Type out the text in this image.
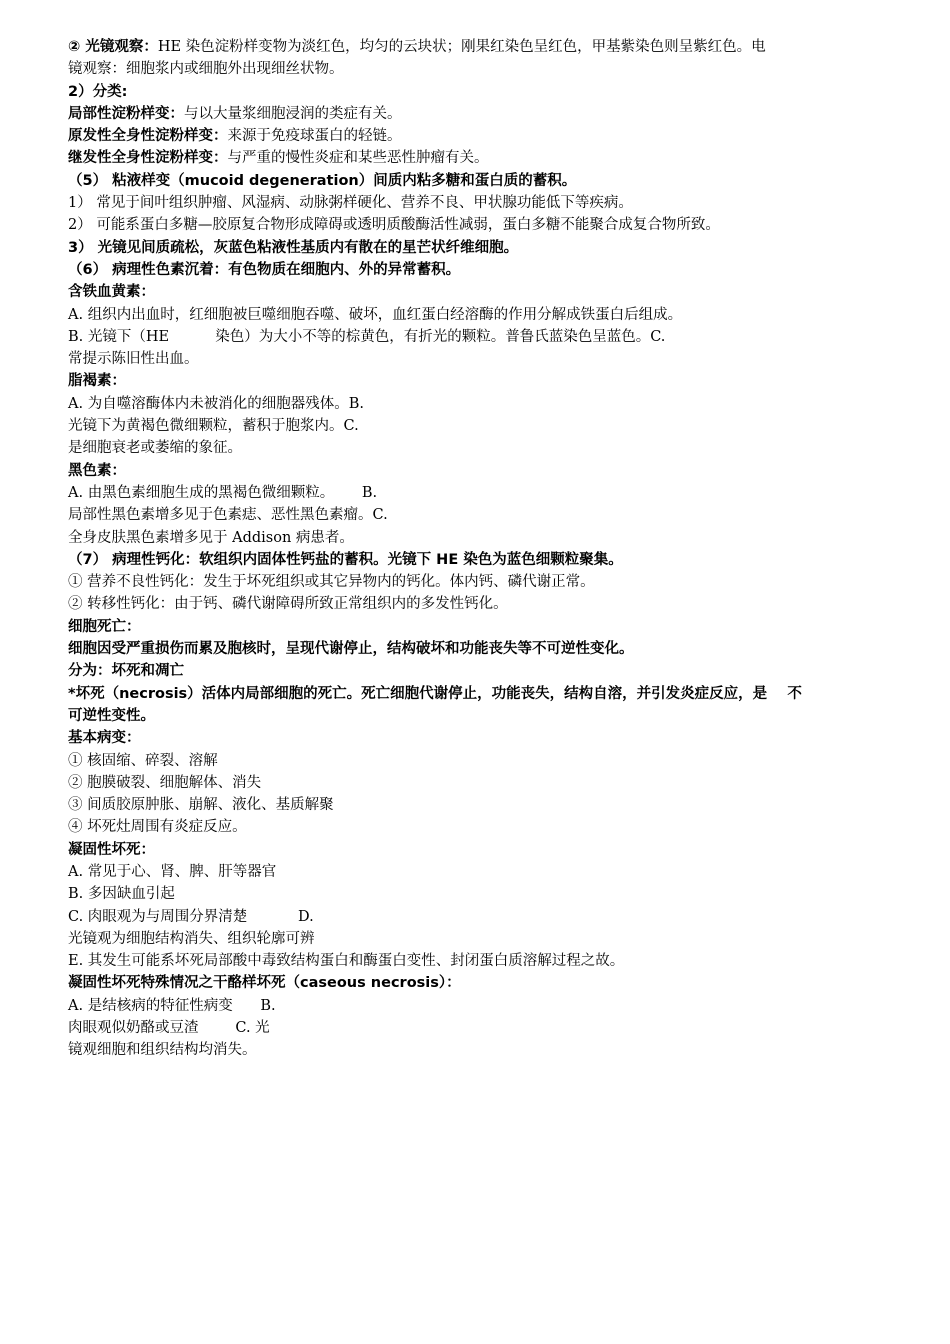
② 光镜观察：HE 染色淀粉样变物为淡红色，均匀的云块状；刚果红染色呈红色，甲基紫染色则呈紫红色。电
镜观察：细胞浆内或细胞外出现细丝状物。
2）分类:
局部性淀粉样变：与以大量浆细胞浸润的类症有关。
原发性全身性淀粉样变：来源于免疫球蛋白的轻链。
继发性全身性淀粉样变：与严重的慢性炎症和某些恶性肿瘤有关。
（5） 粘液样变（mucoid degeneration）间质内粘多糖和蛋白质的蓄积。
1） 常见于间叶组织肿瘤、风湿病、动脉粥样硬化、营养不良、甲状腺功能低下等疾病。
2） 可能系蛋白多糖—胶原复合物形成障碍或透明质酸酶活性减弱，蛋白多糖不能聚合成复合物所致。
3） 光镜见间质疏松，灰蓝色粘液性基质内有散在的星芒状纤维细胞。
（6） 病理性色素沉着：有色物质在细胞内、外的异常蓄积。
含铁血黄素：
A. 组织内出血时，红细胞被巨噬细胞吞噬、破坏，血红蛋白经溶酶的作用分解成铁蛋白后组成。
B. 光镜下（HE          染色）为大小不等的棕黄色，有折光的颗粒。普鲁氏蓝染色呈蓝色。C.
常提示陈旧性出血。
脂褐素：
A. 为自噬溶酶体内未被消化的细胞器残体。B.
光镜下为黄褐色微细颗粒，蓄积于胞浆内。C.
是细胞衰老或萎缩的象征。
黑色素：
A. 由黑色素细胞生成的黑褐色微细颗粒。      B.
局部性黑色素增多见于色素痣、恶性黑色素瘤。C.
全身皮肤黑色素增多见于 Addison 病患者。
（7） 病理性钙化：软组织内固体性钙盐的蓄积。光镜下 HE 染色为蓝色细颗粒聚集。
① 营养不良性钙化：发生于坏死组织或其它异物内的钙化。体内钙、磷代谢正常。
② 转移性钙化：由于钙、磷代谢障碍所致正常组织内的多发性钙化。
细胞死亡：
细胞因受严重损伤而累及胞核时，呈现代谢停止，结构破坏和功能丧失等不可逆性变化。
分为：坏死和凋亡
*坏死（necrosis）活体内局部细胞的死亡。死亡细胞代谢停止，功能丧失，结构自溶，并引发炎症反应，是    不
可逆性变性。
基本病变：
① 核固缩、碎裂、溶解
② 胞膜破裂、细胞解体、消失
③ 间质胶原肿胀、崩解、液化、基质解聚
④ 坏死灶周围有炎症反应。
凝固性坏死：
A. 常见于心、肾、脾、肝等器官
B. 多因缺血引起
C. 肉眼观为与周围分界清楚           D.
光镜观为细胞结构消失、组织轮廓可辨
E. 其发生可能系坏死局部酸中毒致结构蛋白和酶蛋白变性、封闭蛋白质溶解过程之故。
凝固性坏死特殊情况之干酪样坏死（caseous necrosis）：
A. 是结核病的特征性病变      B.
肉眼观似奶酪或豆渣        C. 光
镜观细胞和组织结构均消失。
